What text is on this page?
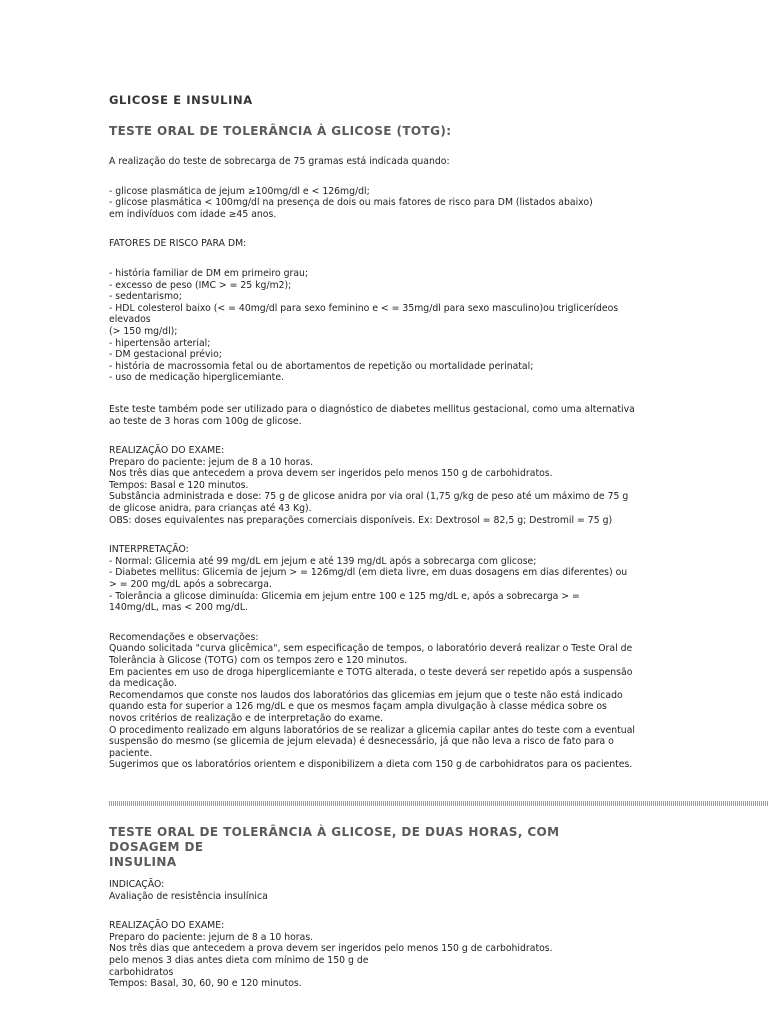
GLICOSE E INSULINA
TESTE ORAL DE TOLERÂNCIA À GLICOSE (TOTG):

A realização do teste de sobrecarga de 75 gramas está indicada quando:

- glicose plasmática de jejum ≥100mg/dl e < 126mg/dl;
- glicose plasmática < 100mg/dl na presença de dois ou mais fatores de risco para DM (listados abaixo)
em indivíduos com idade ≥45 anos.

FATORES DE RISCO PARA DM:

- história familiar de DM em primeiro grau;
- excesso de peso (IMC > = 25 kg/m2);
- sedentarismo;
- HDL colesterol baixo (< = 40mg/dl para sexo feminino e < = 35mg/dl para sexo masculino)ou triglicerídeos
elevados
(> 150 mg/dl);
- hipertensão arterial;
- DM gestacional prévio;
- história de macrossomia fetal ou de abortamentos de repetição ou mortalidade perinatal;
- uso de medicação hiperglicemiante.

Este teste também pode ser utilizado para o diagnóstico de diabetes mellitus gestacional, como uma alternativa
ao teste de 3 horas com 100g de glicose.

REALIZAÇÃO DO EXAME:
Preparo do paciente: jejum de 8 a 10 horas.
Nos três dias que antecedem a prova devem ser ingeridos pelo menos 150 g de carbohidratos.
Tempos: Basal e 120 minutos.
Substância administrada e dose: 75 g de glicose anidra por via oral (1,75 g/kg de peso até um máximo de 75 g
de glicose anidra, para crianças até 43 Kg).
OBS: doses equivalentes nas preparações comerciais disponíveis. Ex: Dextrosol = 82,5 g; Destromil = 75 g)

INTERPRETAÇÃO:
- Normal: Glicemia até 99 mg/dL em jejum e até 139 mg/dL após a sobrecarga com glicose;
- Diabetes mellitus: Glicemia de jejum > = 126mg/dl (em dieta livre, em duas dosagens em dias diferentes) ou
> = 200 mg/dL após a sobrecarga.
- Tolerância a glicose diminuída: Glicemia em jejum entre 100 e 125 mg/dL e, após a sobrecarga > =
140mg/dL, mas < 200 mg/dL.

Recomendações e observações:
Quando solicitada "curva glicêmica", sem especificação de tempos, o laboratório deverá realizar o Teste Oral de
Tolerância à Glicose (TOTG) com os tempos zero e 120 minutos.
Em pacientes em uso de droga hiperglicemiante e TOTG alterada, o teste deverá ser repetido após a suspensão
da medicação.
Recomendamos que conste nos laudos dos laboratórios das glicemias em jejum que o teste não está indicado
quando esta for superior a 126 mg/dL e que os mesmos façam ampla divulgação à classe médica sobre os
novos critérios de realização e de interpretação do exame.
O procedimento realizado em alguns laboratórios de se realizar a glicemia capilar antes do teste com a eventual
suspensão do mesmo (se glicemia de jejum elevada) é desnecessário, já que não leva a risco de fato para o
paciente.
Sugerimos que os laboratórios orientem e disponibilizem a dieta com 150 g de carbohidratos para os pacientes.

TESTE ORAL DE TOLERÂNCIA À GLICOSE, DE DUAS HORAS, COM DOSAGEM DE
INSULINA

INDICAÇÃO:
Avaliação de resistência insulínica

REALIZAÇÃO DO EXAME:
Preparo do paciente: jejum de 8 a 10 horas.
Nos três dias que antecedem a prova devem ser ingeridos pelo menos 150 g de carbohidratos.
pelo menos 3 dias antes dieta com mínimo de 150 g de
carbohidratos
Tempos: Basal, 30, 60, 90 e 120 minutos.
